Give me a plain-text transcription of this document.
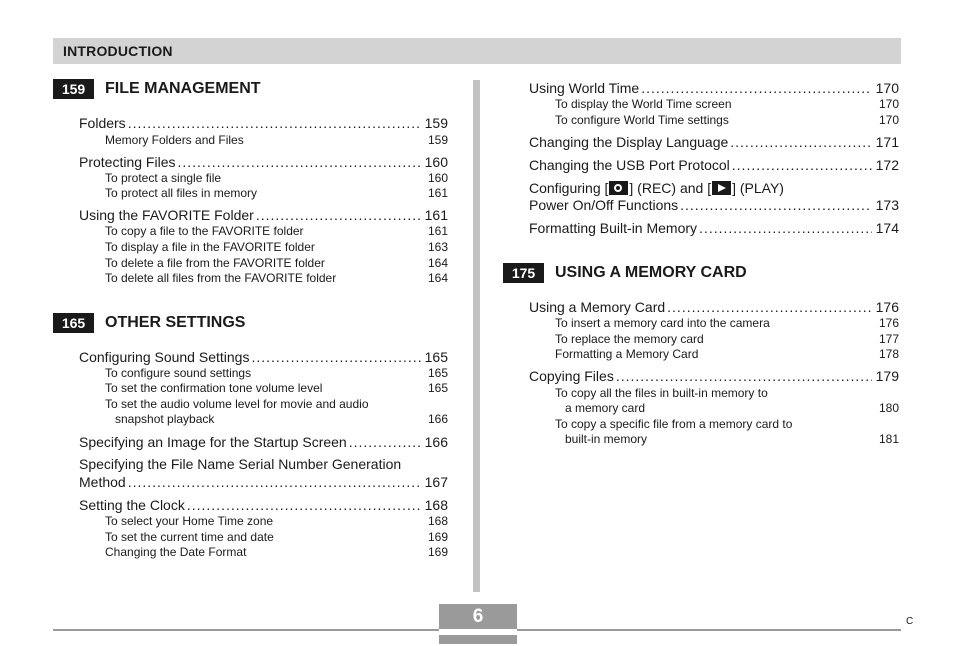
INTRODUCTION
159	FILE MANAGEMENT
Folders .....	159
Memory Folders and Files	159
Protecting Files .....	160
To protect a single file	160
To protect all files in memory	161
Using the FAVORITE Folder .....	161
To copy a file to the FAVORITE folder	161
To display a file in the FAVORITE folder	163
To delete a file from the FAVORITE folder	164
To delete all files from the FAVORITE folder	164
165	OTHER SETTINGS
Configuring Sound Settings .....	165
To configure sound settings	165
To set the confirmation tone volume level	165
To set the audio volume level for movie and audio
snapshot playback	166
Specifying an Image for the Startup Screen .....	166
Specifying the File Name Serial Number Generation
Method .....	167
Setting the Clock .....	168
To select your Home Time zone	168
To set the current time and date	169
Changing the Date Format	169
Using World Time .....	170
To display the World Time screen	170
To configure World Time settings	170
Changing the Display Language .....	171
Changing the USB Port Protocol .....	172
Configuring [ ] (REC) and [ ] (PLAY)
Power On/Off Functions .....	173
Formatting Built-in Memory .....	174
175	USING A MEMORY CARD
Using a Memory Card .....	176
To insert a memory card into the camera	176
To replace the memory card	177
Formatting a Memory Card	178
Copying Files .....	179
To copy all the files in built-in memory to
a memory card	180
To copy a specific file from a memory card to
built-in memory	181
6	C
